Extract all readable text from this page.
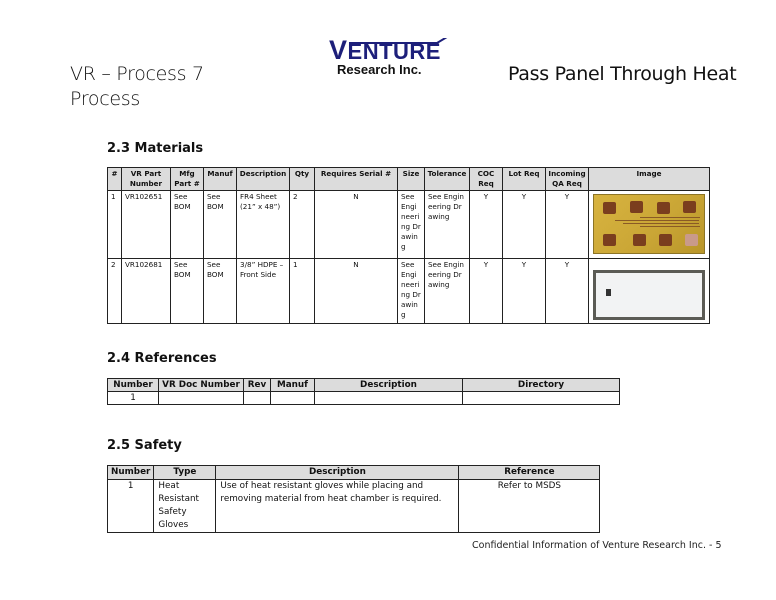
VR – Process 7
Process
VENTURE
Research Inc.	Pass Panel Through Heat
2.3 Materials
#	VR Part Number	Mfg Part #	Manuf	Description	Qty	Requires Serial #	Size	Tolerance	COC Req	Lot Req	Incoming QA Req	Image
1	VR102651	See BOM	See BOM	FR4 Sheet (21” x 48”)	2	N	See Engineering Drawing	See Engineering Drawing	Y	Y	Y	

2	VR102681	See BOM	See BOM	3/8” HDPE – Front Side	1	N	See Engineering Drawing	See Engineering Drawing	Y	Y	Y	
2.4 References
Number	VR Doc Number	Rev	Manuf	Description	Directory
1					
2.5 Safety
Number	Type	Description	Reference
1	Heat Resistant Safety Gloves	Use of heat resistant gloves while placing and removing material from heat chamber is required.	Refer to MSDS
Confidential Information of Venture Research Inc. - 5
